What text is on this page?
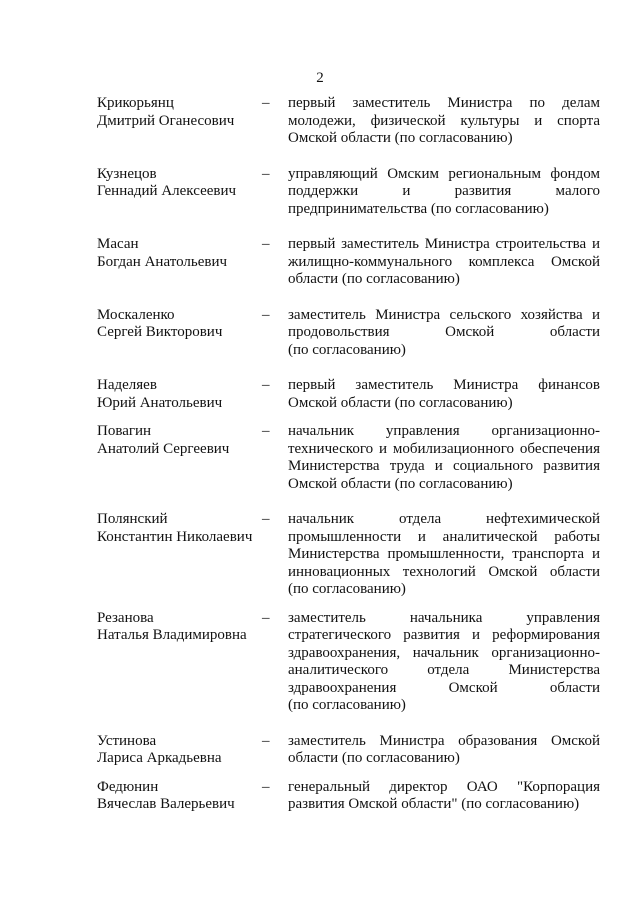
2
Крикорьянц
Дмитрий Оганесович
–	первый заместитель Министра по делам
молодежи, физической культуры и спорта
Омской области (по согласованию)
Кузнецов
Геннадий Алексеевич
–	управляющий Омским региональным фондом
поддержки и развития малого
предпринимательства (по согласованию)
Масан
Богдан Анатольевич
–	первый заместитель Министра строительства и
жилищно-коммунального комплекса Омской
области (по согласованию)
Москаленко
Сергей Викторович
–	заместитель Министра сельского хозяйства и
продовольствия Омской области
(по согласованию)
Наделяев
Юрий Анатольевич
–	первый заместитель Министра финансов
Омской области (по согласованию)
Повагин
Анатолий Сергеевич
–	начальник управления организационно-
технического и мобилизационного обеспечения
Министерства труда и социального развития
Омской области (по согласованию)
Полянский
Константин Николаевич
–	начальник отдела нефтехимической
промышленности и аналитической работы
Министерства промышленности, транспорта и
инновационных технологий Омской области
(по согласованию)
Резанова
Наталья Владимировна
–	заместитель начальника управления
стратегического развития и реформирования
здравоохранения, начальник организационно-
аналитического отдела Министерства
здравоохранения Омской области
(по согласованию)
Устинова
Лариса Аркадьевна
–	заместитель Министра образования Омской
области (по согласованию)
Федюнин
Вячеслав Валерьевич
–	генеральный директор ОАО "Корпорация
развития Омской области" (по согласованию)
